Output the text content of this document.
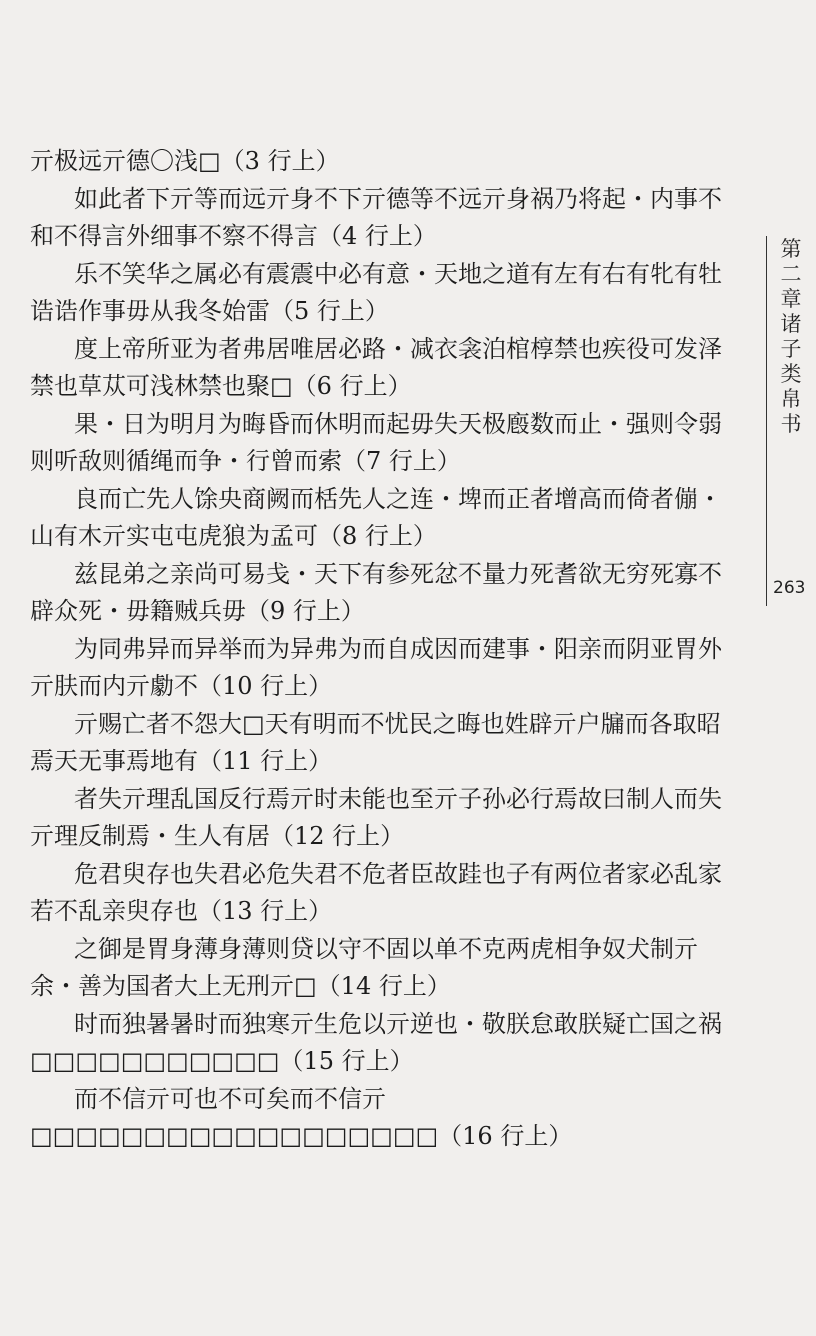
亓极远亓德〇浅□（3 行上）

如此者下亓等而远亓身不下亓德等不远亓身祸乃将起・内事不和不得言外细事不察不得言（4 行上）

乐不笑华之属必有震震中必有意・天地之道有左有右有牝有牡诰诰作事毋从我冬始雷（5 行上）

度上帝所亚为者弗居唯居必路・减衣衾泊棺椁禁也疾役可发泽禁也草苁可浅林禁也聚□（6 行上）

果・日为明月为晦昏而休明而起毋失天极廏数而止・强则令弱则听敌则循绳而争・行曾而索（7 行上）

良而亡先人馀央商阙而栝先人之连・埤而正者增高而倚者傰・山有木亓实屯屯虎狼为孟可（8 行上）

兹昆弟之亲尚可易戋・天下有参死忿不量力死耆欲无穷死寡不辟众死・毋籍贼兵毋（9 行上）

为同弗异而异举而为异弗为而自成因而建事・阳亲而阴亚胃外亓肤而内亓勮不（10 行上）

亓赐亡者不怨大□天有明而不忧民之晦也姓辟亓户牖而各取昭焉天无事焉地有（11 行上）

者失亓理乱国反行焉亓时未能也至亓子孙必行焉故曰制人而失亓理反制焉・生人有居（12 行上）

危君臾存也失君必危失君不危者臣故跬也子有两位者家必乱家若不乱亲臾存也（13 行上）

之御是胃身薄身薄则贷以守不固以单不克两虎相争奴犬制亓余・善为国者大上无刑亓□（14 行上）

时而独暑暑时而独寒亓生危以亓逆也・敬朕怠敢朕疑亡国之祸□□□□□□□□□□□（15 行上）

而不信亓可也不可矣而不信亓□□□□□□□□□□□□□□□□□□（16 行上）

第二章 诸子类帛书
263
